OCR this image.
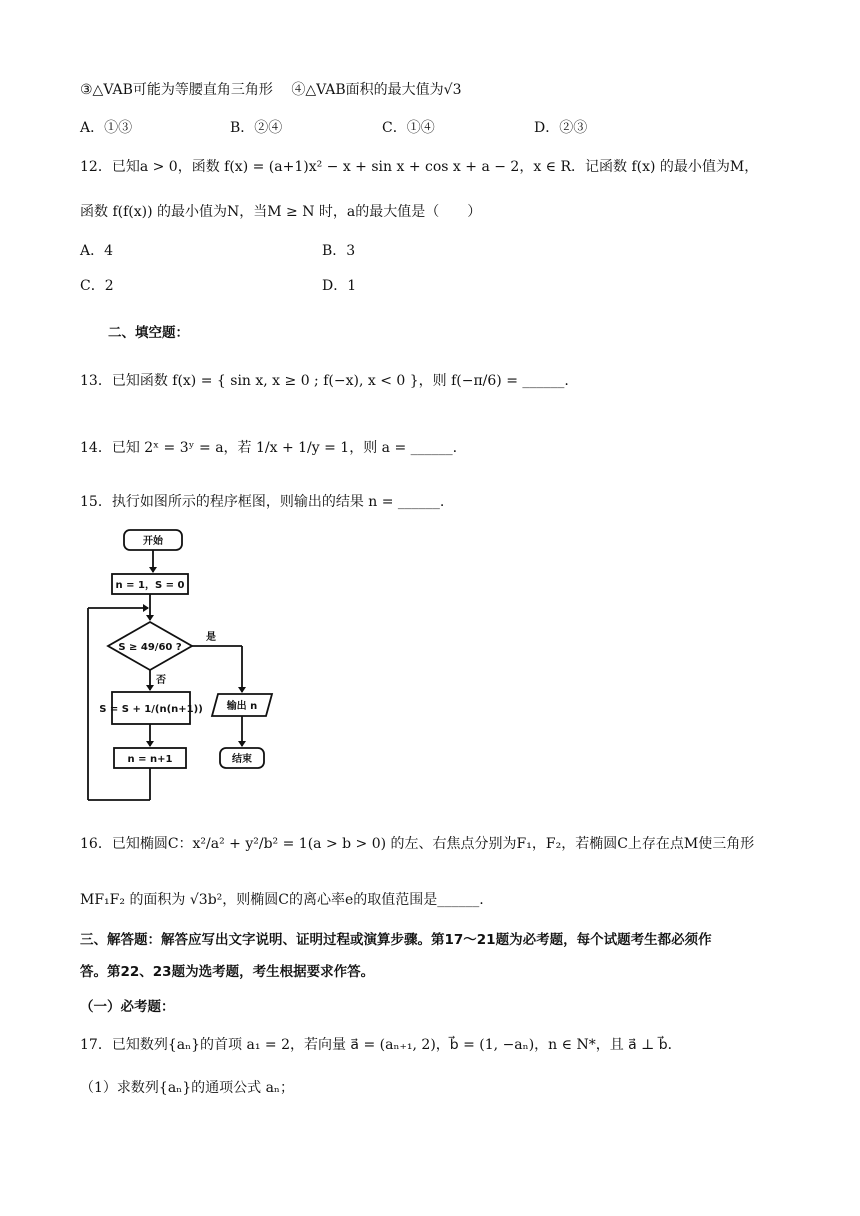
③△VAB可能为等腰直角三角形　 ④△VAB面积的最大值为√3
A．①③	B．②④	C．①④	D．②③
12．已知a > 0，函数 f(x) = (a+1)x² − x + sin x + cos x + a − 2，x ∈ R．记函数 f(x) 的最小值为M，
函数 f(f(x)) 的最小值为N，当M ≥ N 时，a的最大值是（　　）
A．4	B．3
C．2	D．1
二、填空题：
13．已知函数 f(x) = { sin x, x ≥ 0 ; f(−x), x < 0 }，则 f(−π/6) = ______.
14．已知 2ˣ = 3ʸ = a，若 1/x + 1/y = 1，则 a = ______.
15．执行如图所示的程序框图，则输出的结果 n = ______.
开始
n = 1，S = 0
S ≥ 49/60 ?
是
否
S = S + 1/(n(n+1))
n = n+1
输出 n
结束
16．已知椭圆C：x²/a² + y²/b² = 1(a > b > 0) 的左、右焦点分别为F₁，F₂，若椭圆C上存在点M使三角形
MF₁F₂ 的面积为 √3b²，则椭圆C的离心率e的取值范围是______.
三、解答题：解答应写出文字说明、证明过程或演算步骤。第17～21题为必考题，每个试题考生都必须作
答。第22、23题为选考题，考生根据要求作答。
（一）必考题：
17．已知数列{aₙ}的首项 a₁ = 2，若向量 a⃗ = (aₙ₊₁, 2)，b⃗ = (1, −aₙ)，n ∈ N*，且 a⃗ ⊥ b⃗．
（1）求数列{aₙ}的通项公式 aₙ；
